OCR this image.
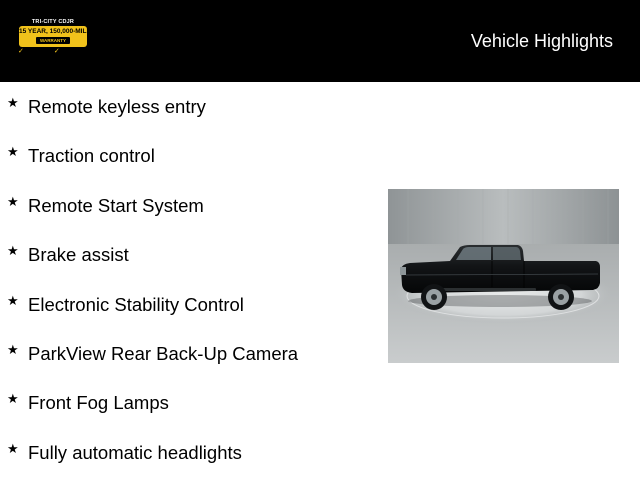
TRI-CITY CDJR
15 YEAR, 150,000-MILE
WARRANTY
✓✓	Vehicle Highlights
★ Remote keyless entry
★ Traction control
★ Remote Start System
★ Brake assist
★ Electronic Stability Control
★ ParkView Rear Back-Up Camera
★ Front Fog Lamps
★ Fully automatic headlights
